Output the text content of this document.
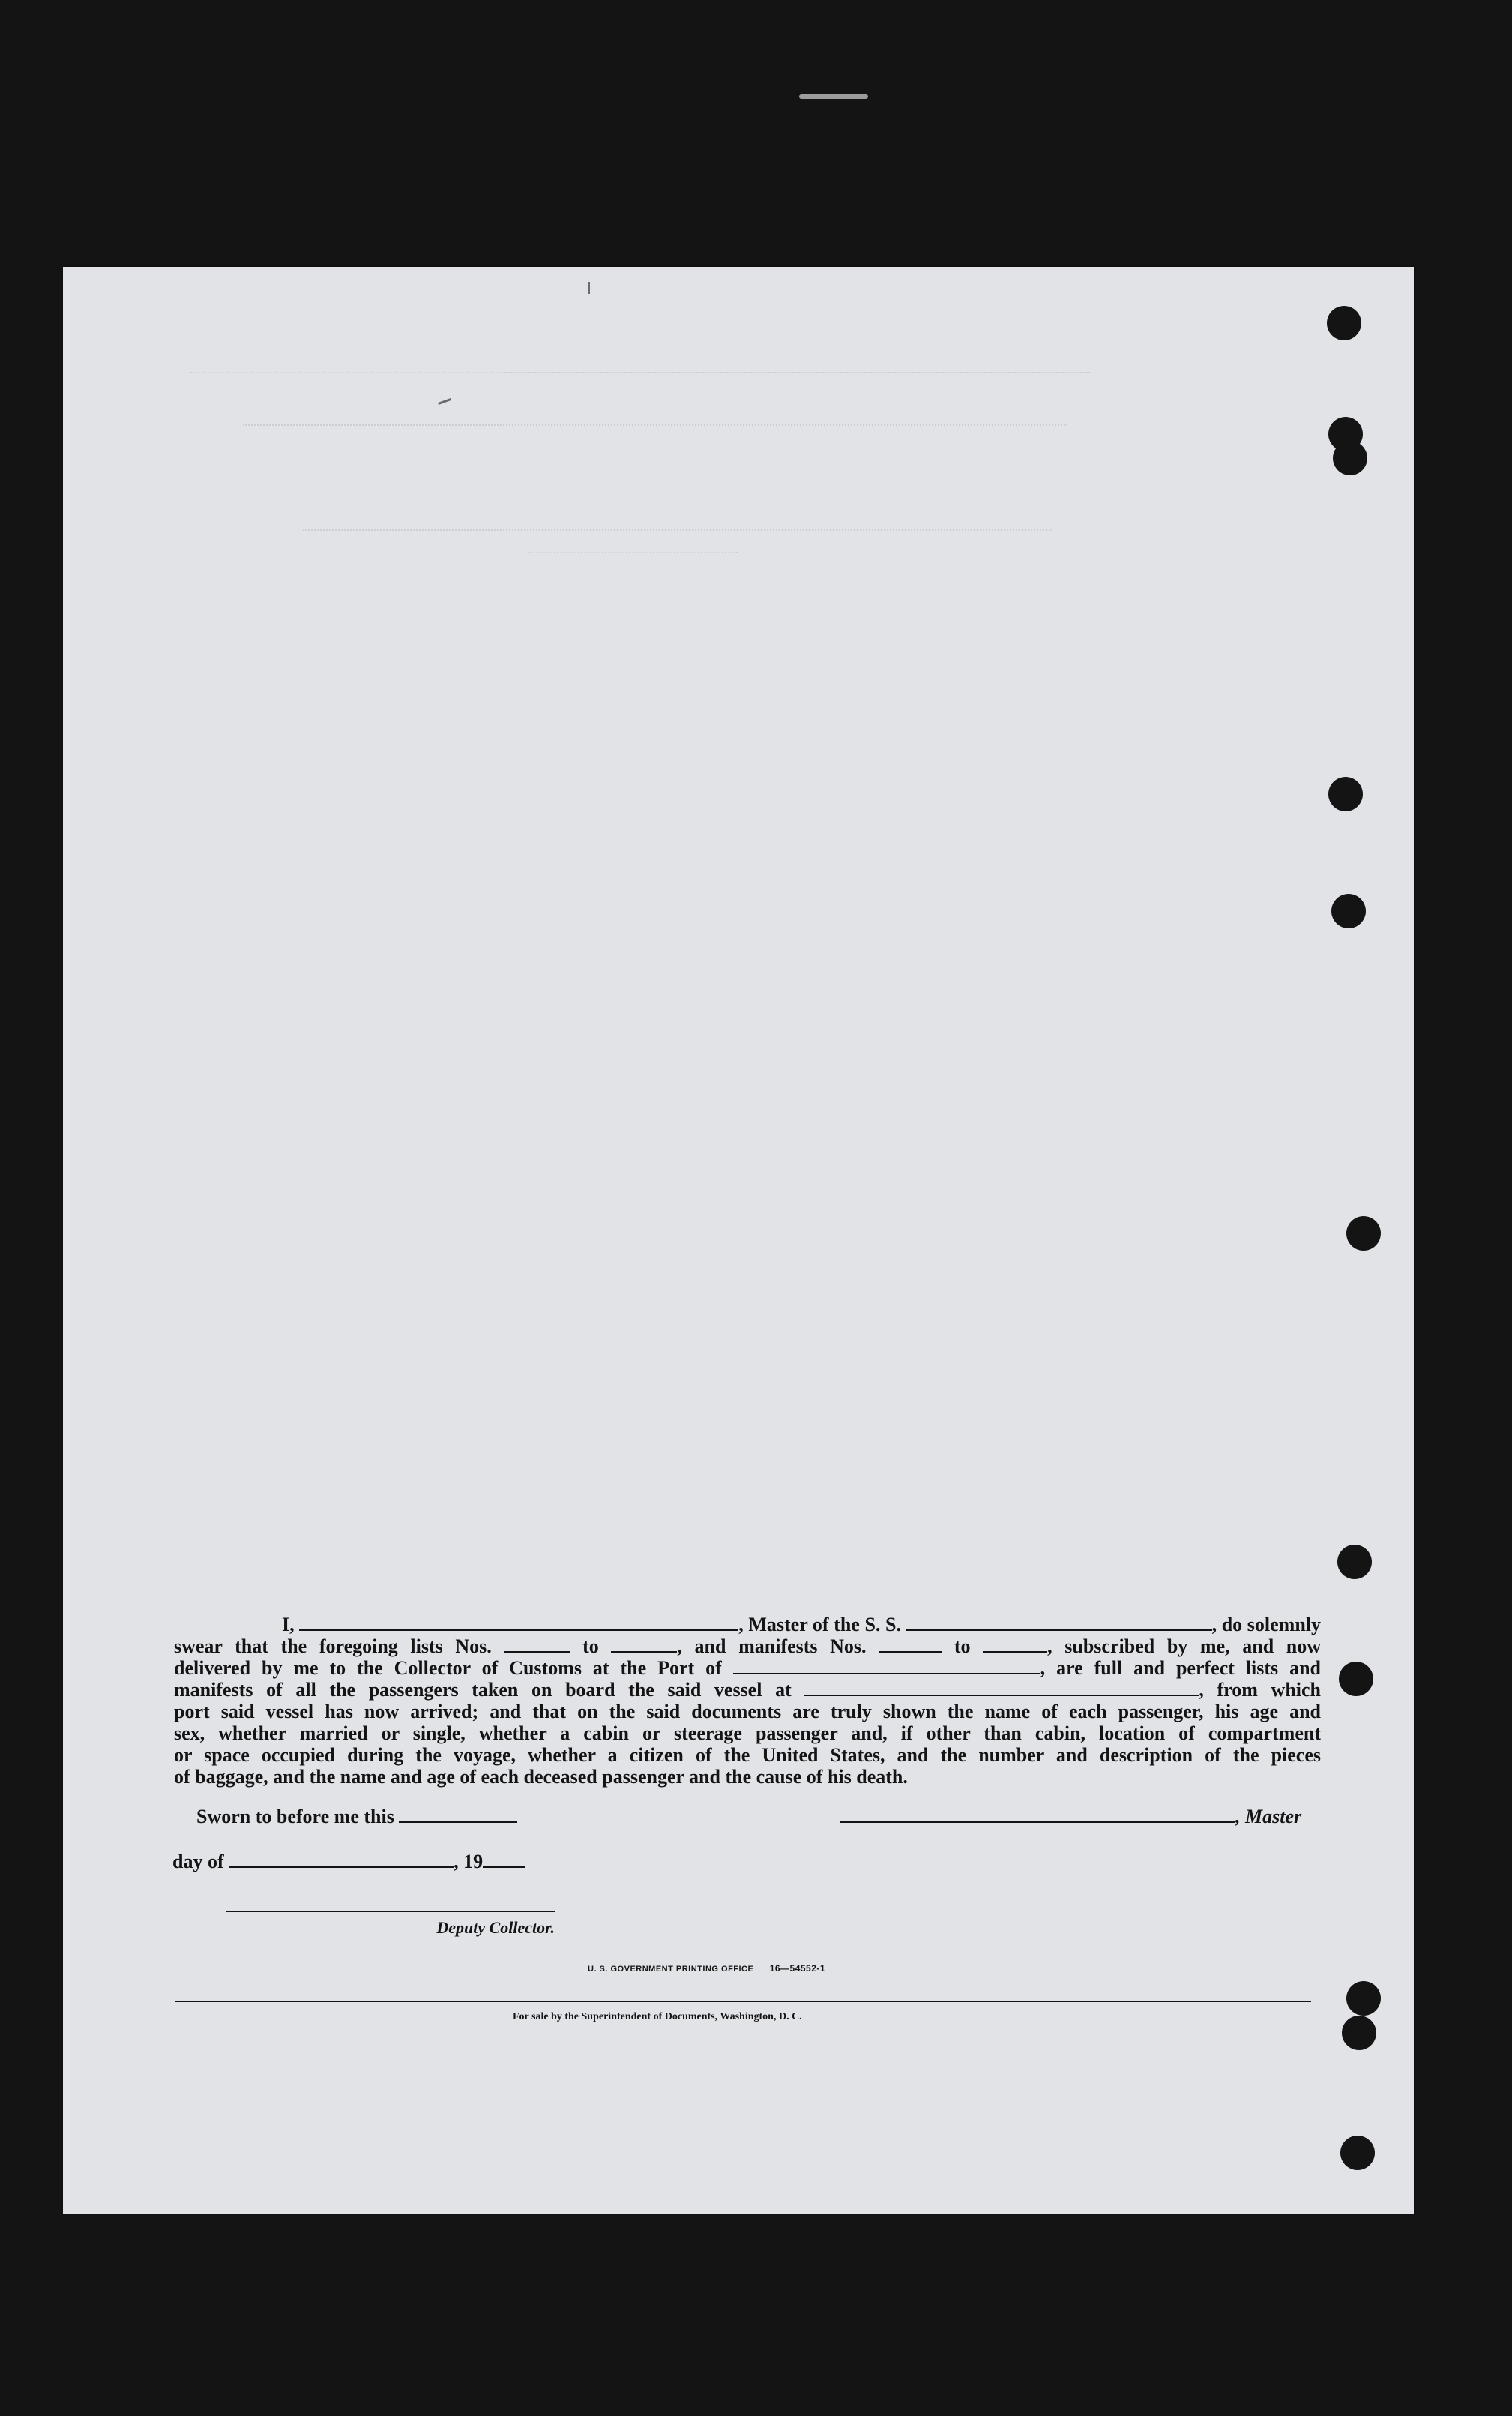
I,	, Master of the S. S.	, do solemnly
swear that the foregoing lists Nos.	to	, and manifests Nos.	to	, subscribed by me, and now
delivered by me to the Collector of Customs at the Port of	, are full and perfect lists and
manifests of all the passengers taken on board the said vessel at	, from which
port said vessel has now arrived; and that on the said documents are truly shown the name of each passenger, his age and
sex, whether married or single, whether a cabin or steerage passenger and, if other than cabin, location of compartment
or space occupied during the voyage, whether a citizen of the United States, and the number and description of the pieces
of baggage, and the name and age of each deceased passenger and the cause of his death.
Sworn to before me this	, Master
day of	, 19
Deputy Collector.
U. S. GOVERNMENT PRINTING OFFICE 16—54552-1
For sale by the Superintendent of Documents, Washington, D. C.
